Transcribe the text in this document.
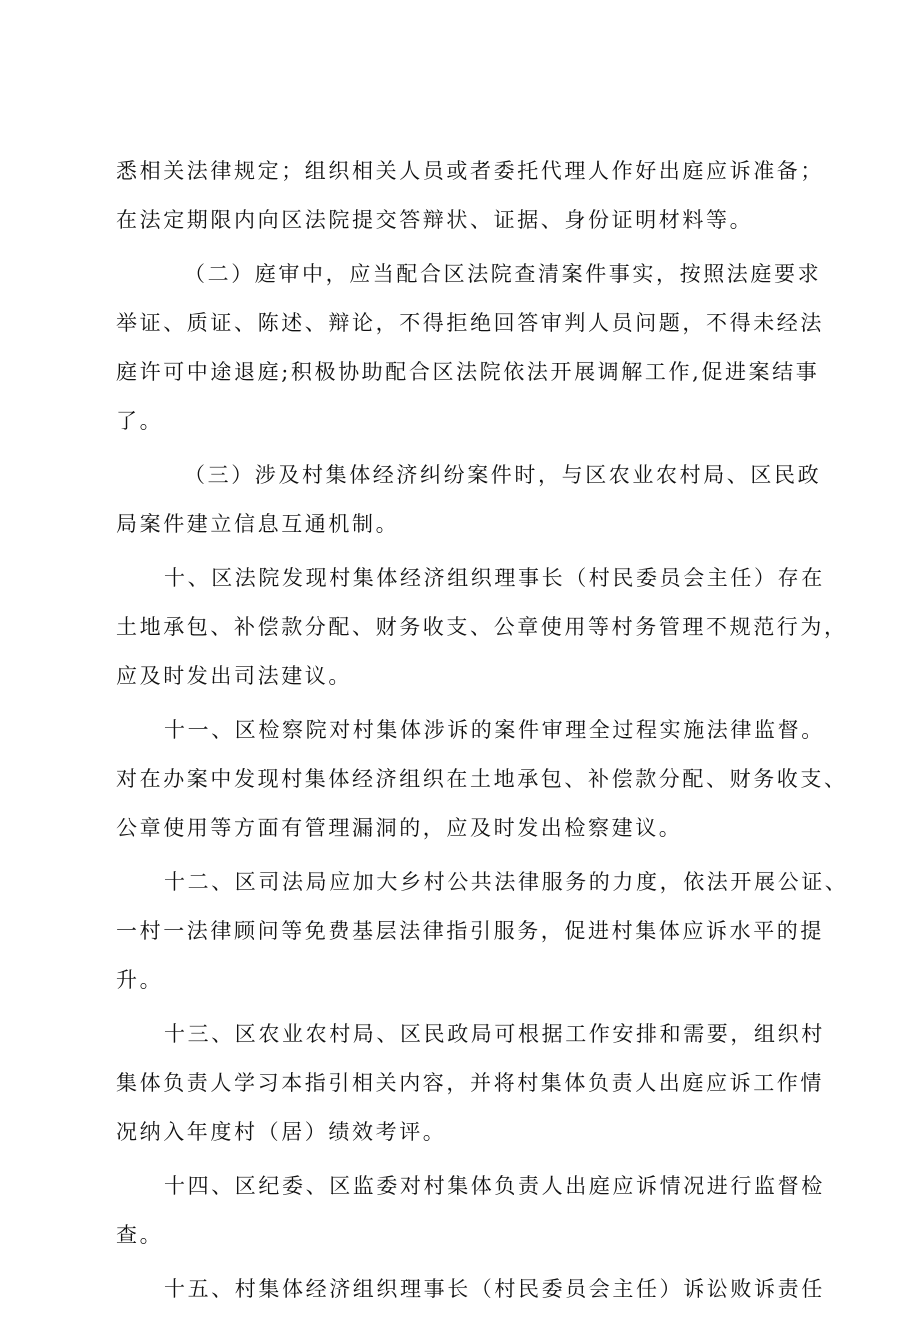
悉相关法律规定；组织相关人员或者委托代理人作好出庭应诉准备；
在法定期限内向区法院提交答辩状、证据、身份证明材料等。
（二）庭审中，应当配合区法院查清案件事实，按照法庭要求
举证、质证、陈述、辩论，不得拒绝回答审判人员问题，不得未经法
庭许可中途退庭;积极协助配合区法院依法开展调解工作,促进案结事
了。
（三）涉及村集体经济纠纷案件时，与区农业农村局、区民政
局案件建立信息互通机制。
十、区法院发现村集体经济组织理事长（村民委员会主任）存在
土地承包、补偿款分配、财务收支、公章使用等村务管理不规范行为，
应及时发出司法建议。
十一、区检察院对村集体涉诉的案件审理全过程实施法律监督。
对在办案中发现村集体经济组织在土地承包、补偿款分配、财务收支、
公章使用等方面有管理漏洞的，应及时发出检察建议。
十二、区司法局应加大乡村公共法律服务的力度，依法开展公证、
一村一法律顾问等免费基层法律指引服务，促进村集体应诉水平的提
升。
十三、区农业农村局、区民政局可根据工作安排和需要，组织村
集体负责人学习本指引相关内容，并将村集体负责人出庭应诉工作情
况纳入年度村（居）绩效考评。
十四、区纪委、区监委对村集体负责人出庭应诉情况进行监督检
查。
十五、村集体经济组织理事长（村民委员会主任）诉讼败诉责任
